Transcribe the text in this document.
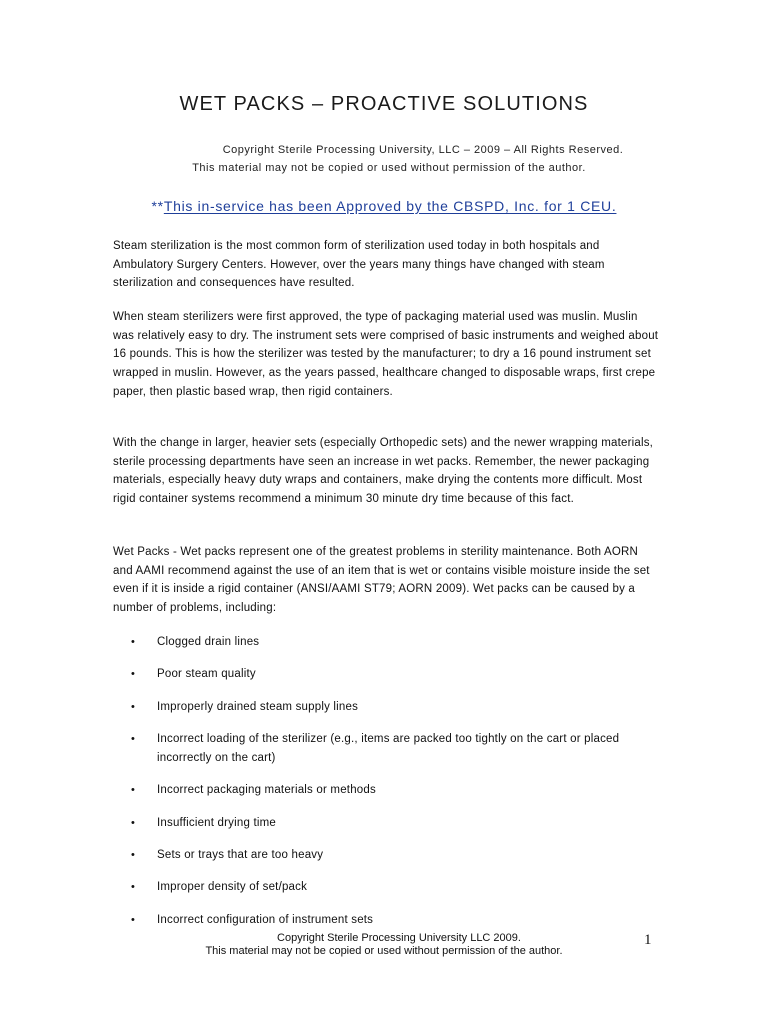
WET PACKS – PROACTIVE SOLUTIONS
Copyright Sterile Processing University, LLC – 2009 – All Rights Reserved.
This material may not be copied or used without permission of the author.
**This in-service has been Approved by the CBSPD, Inc. for 1 CEU.
Steam sterilization is the most common form of sterilization used today in both hospitals and Ambulatory Surgery Centers. However, over the years many things have changed with steam sterilization and consequences have resulted.
When steam sterilizers were first approved, the type of packaging material used was muslin. Muslin was relatively easy to dry. The instrument sets were comprised of basic instruments and weighed about 16 pounds. This is how the sterilizer was tested by the manufacturer; to dry a 16 pound instrument set wrapped in muslin. However, as the years passed, healthcare changed to disposable wraps, first crepe paper, then plastic based wrap, then rigid containers.
With the change in larger, heavier sets (especially Orthopedic sets) and the newer wrapping materials, sterile processing departments have seen an increase in wet packs. Remember, the newer packaging materials, especially heavy duty wraps and containers, make drying the contents more difficult. Most rigid container systems recommend a minimum 30 minute dry time because of this fact.
Wet Packs - Wet packs represent one of the greatest problems in sterility maintenance. Both AORN and AAMI recommend against the use of an item that is wet or contains visible moisture inside the set even if it is inside a rigid container (ANSI/AAMI ST79; AORN 2009). Wet packs can be caused by a number of problems, including:
• Clogged drain lines
• Poor steam quality
• Improperly drained steam supply lines
• Incorrect loading of the sterilizer (e.g., items are packed too tightly on the cart or placed incorrectly on the cart)
• Incorrect packaging materials or methods
• Insufficient drying time
• Sets or trays that are too heavy
• Improper density of set/pack
• Incorrect configuration of instrument sets
Copyright Sterile Processing University LLC 2009.
This material may not be copied or used without permission of the author.
1
